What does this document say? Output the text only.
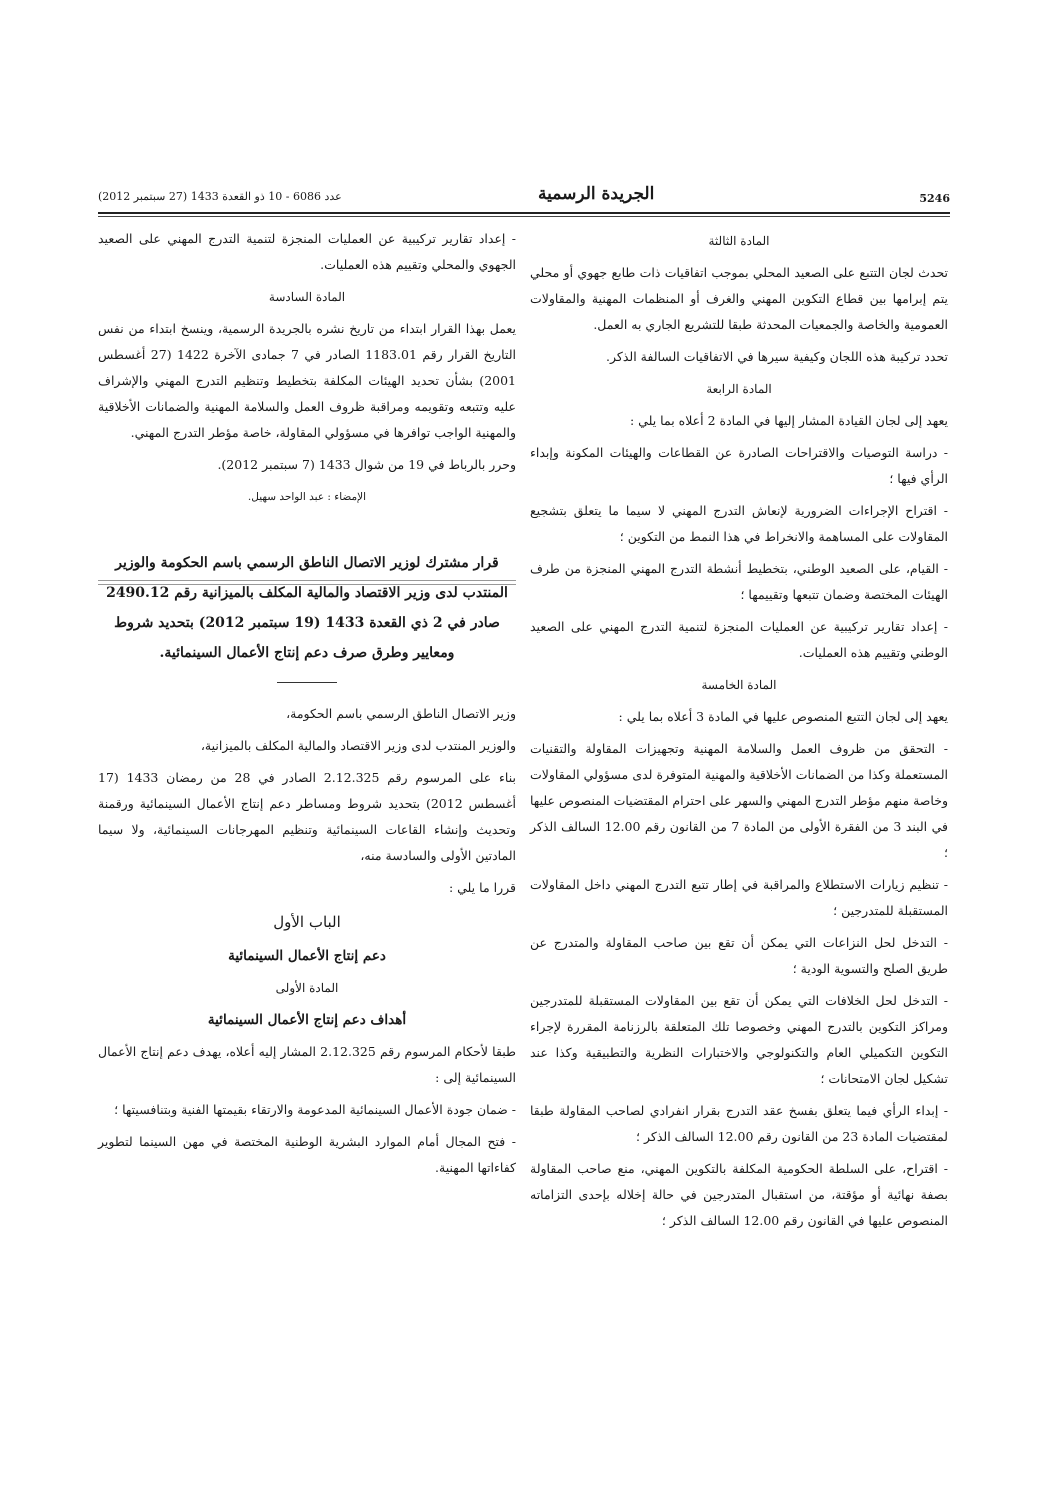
عدد 6086 - 10 ذو القعدة 1433 (27 سبتمبر 2012)	الجريدة الرسمية	5246
المادة الثالثة

تحدث لجان التتبع على الصعيد المحلي بموجب اتفاقيات ذات طابع جهوي أو محلي يتم إبرامها بين قطاع التكوين المهني والغرف أو المنظمات المهنية والمقاولات العمومية والخاصة والجمعيات المحدثة طبقا للتشريع الجاري به العمل.

تحدد تركيبة هذه اللجان وكيفية سيرها في الاتفاقيات السالفة الذكر.

المادة الرابعة

يعهد إلى لجان القيادة المشار إليها في المادة 2 أعلاه بما يلي :

- دراسة التوصيات والاقتراحات الصادرة عن القطاعات والهيئات المكونة وإبداء الرأي فيها ؛

- اقتراح الإجراءات الضرورية لإنعاش التدرج المهني لا سيما ما يتعلق بتشجيع المقاولات على المساهمة والانخراط في هذا النمط من التكوين ؛

- القيام، على الصعيد الوطني، بتخطيط أنشطة التدرج المهني المنجزة من طرف الهيئات المختصة وضمان تتبعها وتقييمها ؛

- إعداد تقارير تركيبية عن العمليات المنجزة لتنمية التدرج المهني على الصعيد الوطني وتقييم هذه العمليات.

المادة الخامسة

يعهد إلى لجان التتبع المنصوص عليها في المادة 3 أعلاه بما يلي :

- التحقق من ظروف العمل والسلامة المهنية وتجهيزات المقاولة والتقنيات المستعملة وكذا من الضمانات الأخلاقية والمهنية المتوفرة لدى مسؤولي المقاولات وخاصة منهم مؤطر التدرج المهني والسهر على احترام المقتضيات المنصوص عليها في البند 3 من الفقرة الأولى من المادة 7 من القانون رقم 12.00 السالف الذكر ؛

- تنظيم زيارات الاستطلاع والمراقبة في إطار تتبع التدرج المهني داخل المقاولات المستقبلة للمتدرجين ؛

- التدخل لحل النزاعات التي يمكن أن تقع بين صاحب المقاولة والمتدرج عن طريق الصلح والتسوية الودية ؛

- التدخل لحل الخلافات التي يمكن أن تقع بين المقاولات المستقبلة للمتدرجين ومراكز التكوين بالتدرج المهني وخصوصا تلك المتعلقة بالرزنامة المقررة لإجراء التكوين التكميلي العام والتكنولوجي والاختبارات النظرية والتطبيقية وكذا عند تشكيل لجان الامتحانات ؛

- إبداء الرأي فيما يتعلق بفسخ عقد التدرج بقرار انفرادي لصاحب المقاولة طبقا لمقتضيات المادة 23 من القانون رقم 12.00 السالف الذكر ؛

- اقتراح، على السلطة الحكومية المكلفة بالتكوين المهني، منع صاحب المقاولة بصفة نهائية أو مؤقتة، من استقبال المتدرجين في حالة إخلاله بإحدى التزاماته المنصوص عليها في القانون رقم 12.00 السالف الذكر ؛

- إعداد تقارير تركيبية عن العمليات المنجزة لتنمية التدرج المهني على الصعيد الجهوي والمحلي وتقييم هذه العمليات.

المادة السادسة

يعمل بهذا القرار ابتداء من تاريخ نشره بالجريدة الرسمية، وينسخ ابتداء من نفس التاريخ القرار رقم 1183.01 الصادر في 7 جمادى الآخرة 1422 (27 أغسطس 2001) بشأن تحديد الهيئات المكلفة بتخطيط وتنظيم التدرج المهني والإشراف عليه وتتبعه وتقويمه ومراقبة ظروف العمل والسلامة المهنية والضمانات الأخلاقية والمهنية الواجب توافرها في مسؤولي المقاولة، خاصة مؤطر التدرج المهني.

وحرر بالرباط في 19 من شوال 1433 (7 سبتمبر 2012).

الإمضاء : عبد الواحد سهيل.
قرار مشترك لوزير الاتصال الناطق الرسمي باسم الحكومة والوزير المنتدب لدى وزير الاقتصاد والمالية المكلف بالميزانية رقم 2490.12 صادر في 2 ذي القعدة 1433 (19 سبتمبر 2012) بتحديد شروط ومعايير وطرق صرف دعم إنتاج الأعمال السينمائية.

وزير الاتصال الناطق الرسمي باسم الحكومة،

والوزير المنتدب لدى وزير الاقتصاد والمالية المكلف بالميزانية،

بناء على المرسوم رقم 2.12.325 الصادر في 28 من رمضان 1433 (17 أغسطس 2012) بتحديد شروط ومساطر دعم إنتاج الأعمال السينمائية ورقمنة وتحديث وإنشاء القاعات السينمائية وتنظيم المهرجانات السينمائية، ولا سيما المادتين الأولى والسادسة منه،

قررا ما يلي :

الباب الأول
دعم إنتاج الأعمال السينمائية
المادة الأولى
أهداف دعم إنتاج الأعمال السينمائية

طبقا لأحكام المرسوم رقم 2.12.325 المشار إليه أعلاه، يهدف دعم إنتاج الأعمال السينمائية إلى :

- ضمان جودة الأعمال السينمائية المدعومة والارتقاء بقيمتها الفنية وبتنافسيتها ؛

- فتح المجال أمام الموارد البشرية الوطنية المختصة في مهن السينما لتطوير كفاءاتها المهنية.
